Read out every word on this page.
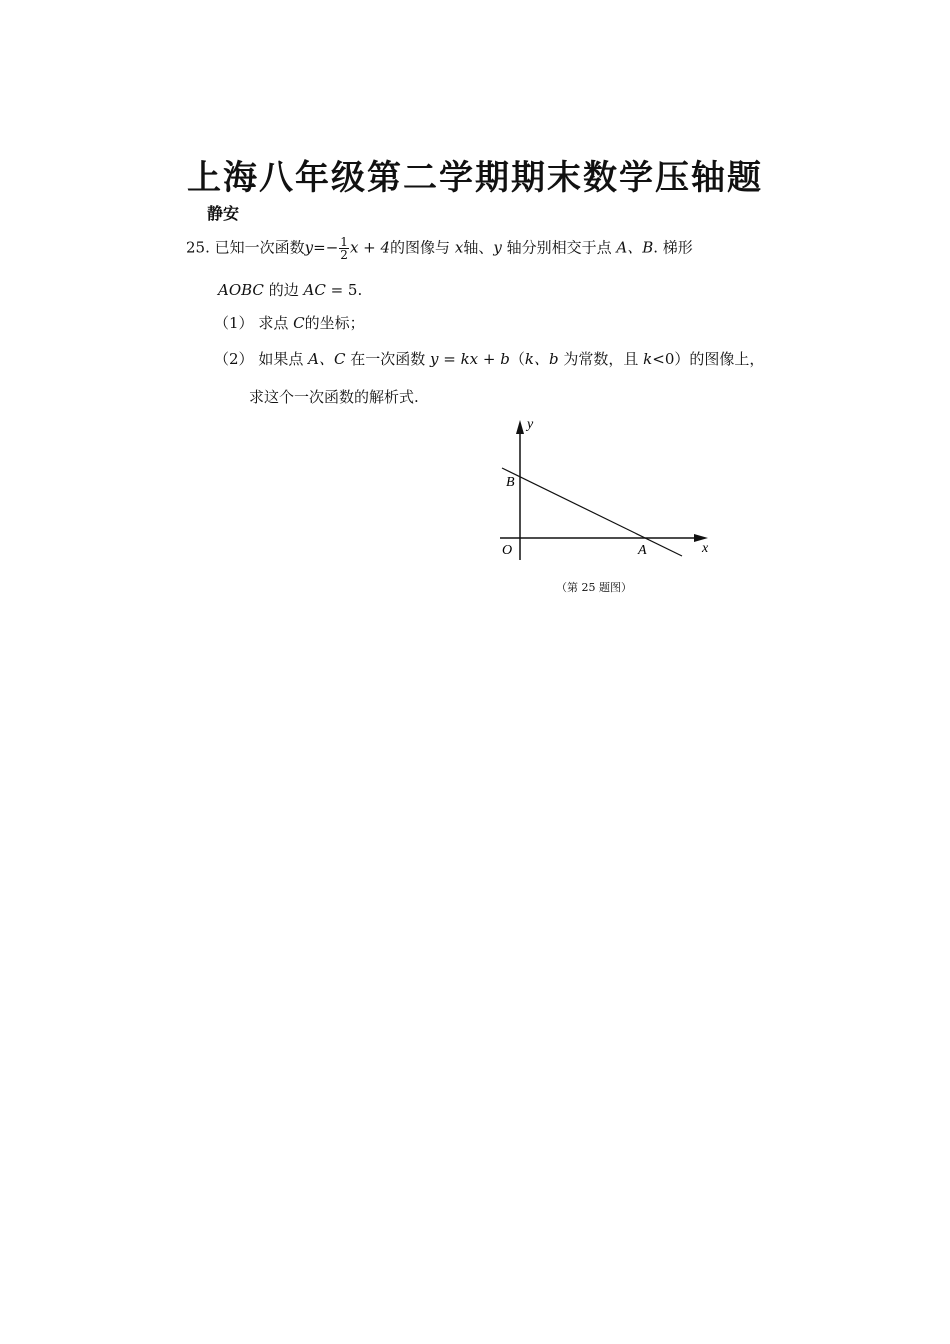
上海八年级第二学期期末数学压轴题
静安
25. 已知一次函数$y=- \frac{1}{2}$ x + 4的图像与 x轴、y 轴分别相交于点 A、B. 梯形
AOBC 的边 AC = 5.
（1） 求点 C的坐标；
（2） 如果点 A、C 在一次函数 y = kx + b（k、b 为常数，且 k<0）的图像上，
求这个一次函数的解析式.
y
x
B
O	A
（第 25 题图）
